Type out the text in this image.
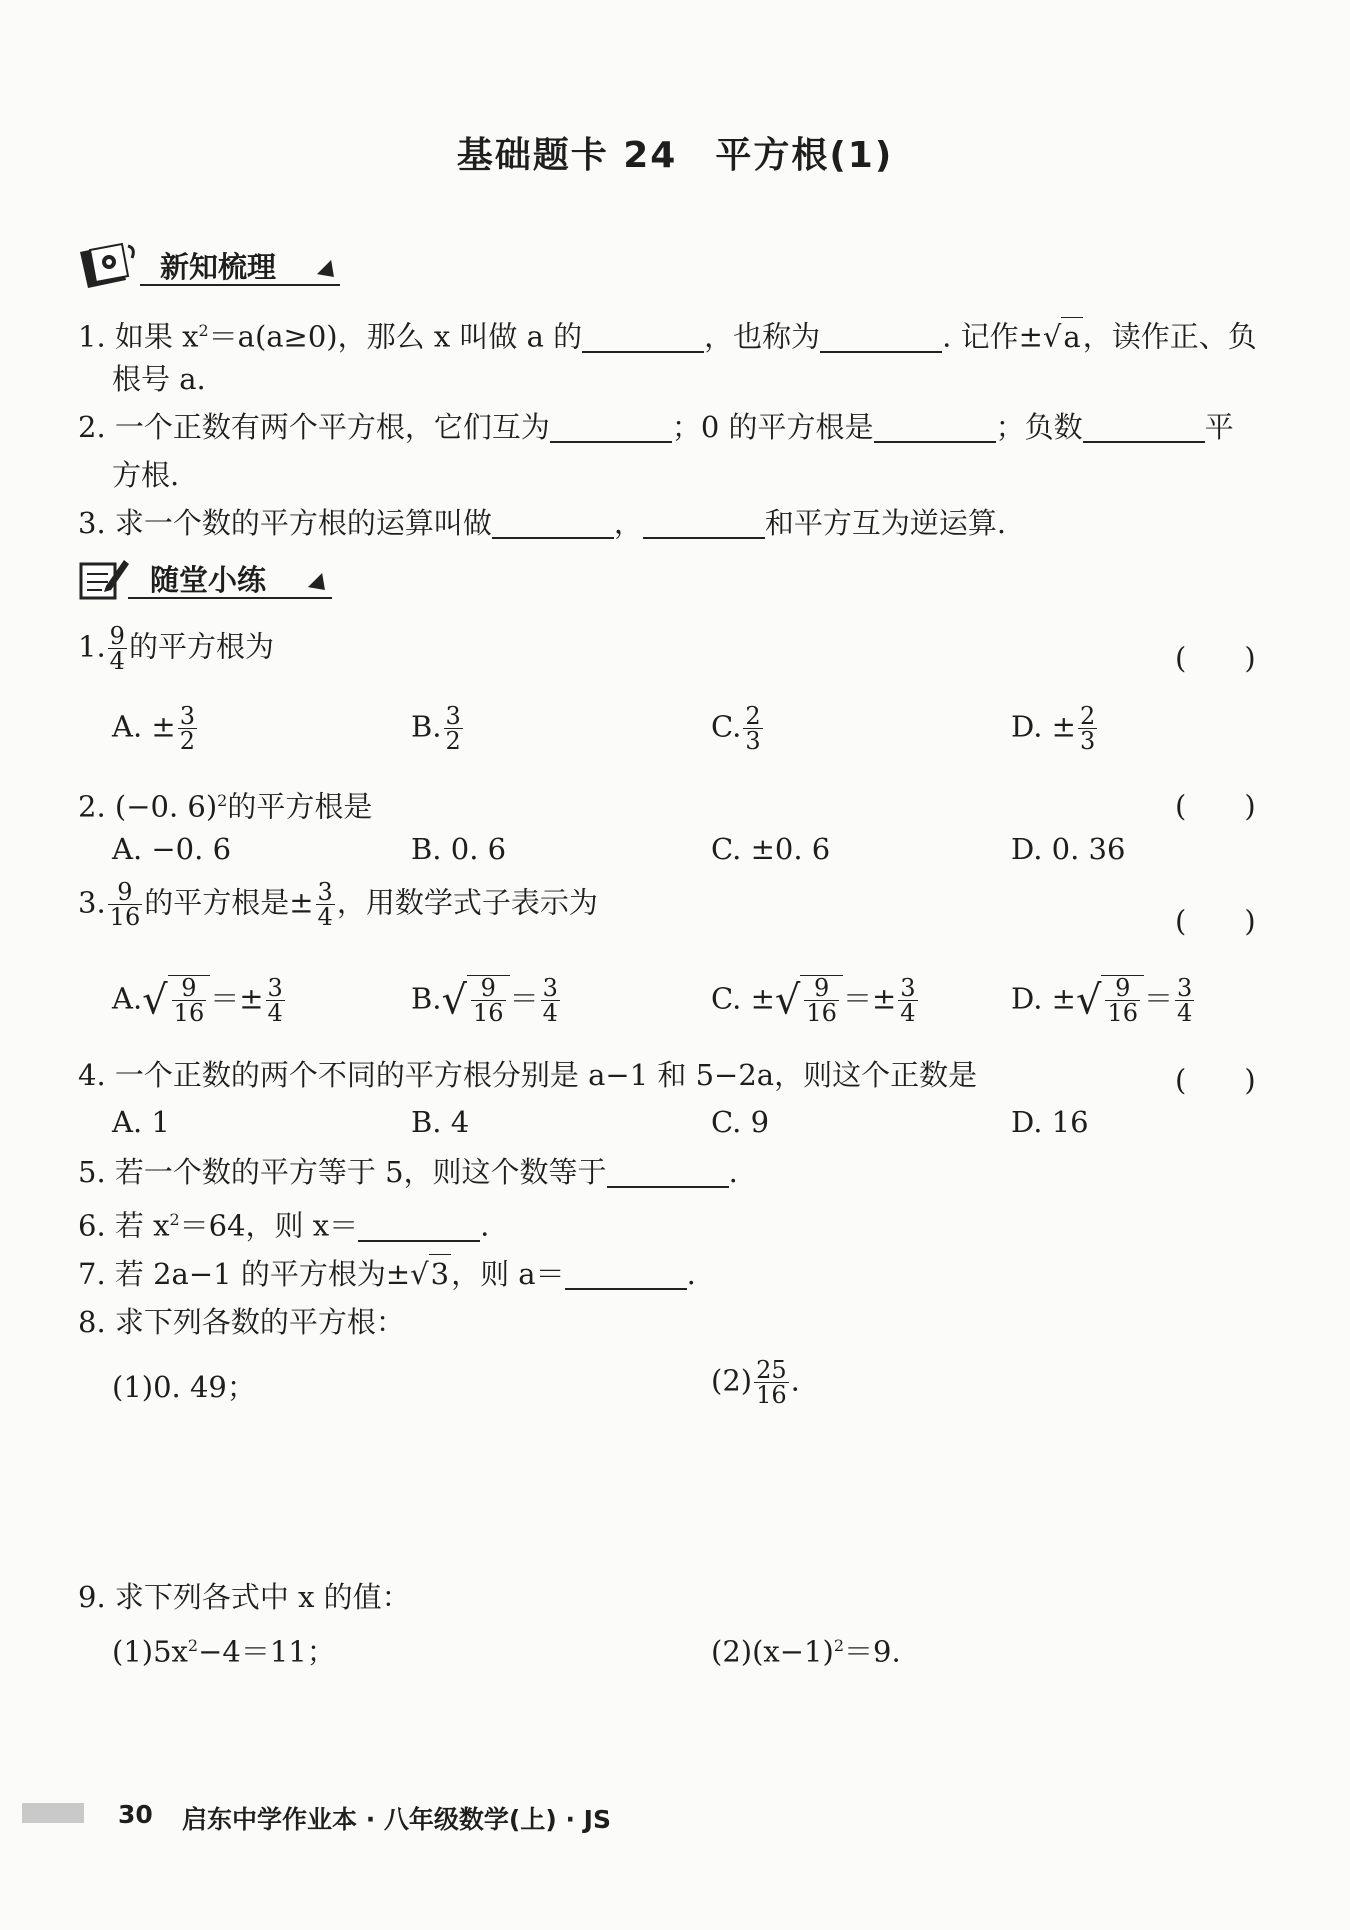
基础题卡 24　平方根(1)
新知梳理
1. 如果 $x^2=a(a\ge 0)$，那么 x 叫做 a 的	，也称为	. 记作±√a，读作正、负
根号 a.
2. 一个正数有两个平方根，它们互为	；0 的平方根是	；负数	平
方根.
3. 求一个数的平方根的运算叫做	，	和平方互为逆运算.
随堂小练
1. $\frac{9}{4}$ 的平方根为	(　　)
A. ± $\frac{3}{2}$	B. $\frac{3}{2}$	C. $\frac{2}{3}$	D. ± $\frac{2}{3}$
2. (−0. 6)$^2$的平方根是	(　　)
A. −0. 6	B. 0. 6	C. ±0. 6	D. 0. 36
3. $\frac{9}{16}$ 的平方根是± $\frac{3}{4}$ ，用数学式子表示为
(　　)
$A.√ \frac{9}{16} =\pm \frac{3}{4}$	$B.√ \frac{9}{16} = \frac{3}{4}$	C. ±√ $\frac{9}{16} =\pm \frac{3}{4}$	D. ±√ $\frac{9}{16} = \frac{3}{4}$
4. 一个正数的两个不同的平方根分别是 a−1 和 5−2a，则这个正数是	(　　)
A. 1	B. 4	C. 9	D. 16
5. 若一个数的平方等于 5，则这个数等于	.
6. 若 $x^2=64$，则 x＝	.
7. 若 2a−1 的平方根为±√3，则 a＝	.
8. 求下列各数的平方根：
(1)0. 49；	$(2) \frac{25}{16}$ .
9. 求下列各式中 x 的值：
$(1)5x^2-4=11$；	$(2)(x-1)^2=9$.
30 启东中学作业本 · 八年级数学(上) · JS
